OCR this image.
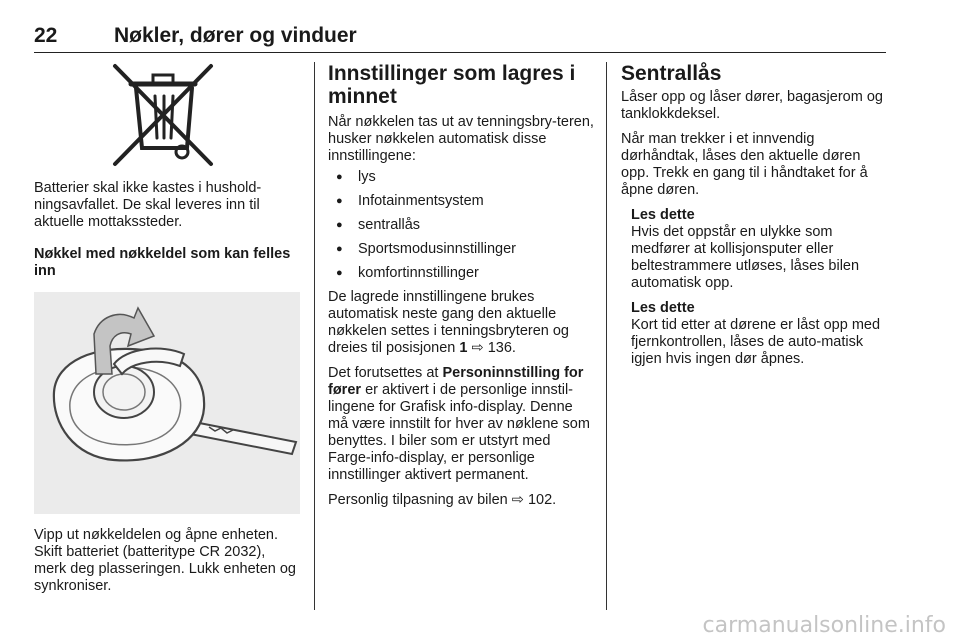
22	Nøkler, dører og vinduer

Batterier skal ikke kastes i hushold-ningsavfallet. De skal leveres inn til aktuelle mottakssteder.

Nøkkel med nøkkeldel som kan felles inn

Vipp ut nøkkeldelen og åpne enheten. Skift batteriet (batteritype CR 2032), merk deg plasseringen. Lukk enheten og synkroniser.

Innstillinger som lagres i minnet

Når nøkkelen tas ut av tenningsbry-teren, husker nøkkelen automatisk disse innstillingene:

● lys
● Infotainmentsystem
● sentrallås
● Sportsmodusinnstillinger
● komfortinnstillinger

De lagrede innstillingene brukes automatisk neste gang den aktuelle nøkkelen settes i tenningsbryteren og dreies til posisjonen 1 ⇨ 136.

Det forutsettes at Personinnstilling for fører er aktivert i de personlige innstil-lingene for Grafisk info-display. Denne må være innstilt for hver av nøklene som benyttes. I biler som er utstyrt med Farge-info-display, er personlige innstillinger aktivert permanent.

Personlig tilpasning av bilen ⇨ 102.

Sentrallås

Låser opp og låser dører, bagasjerom og tanklokkdeksel.

Når man trekker i et innvendig dørhåndtak, låses den aktuelle døren opp. Trekk en gang til i håndtaket for å åpne døren.

Les dette

Hvis det oppstår en ulykke som medfører at kollisjonsputer eller beltestrammere utløses, låses bilen automatisk opp.

Les dette

Kort tid etter at dørene er låst opp med fjernkontrollen, låses de auto-matisk igjen hvis ingen dør åpnes.

carmanualsonline.info
